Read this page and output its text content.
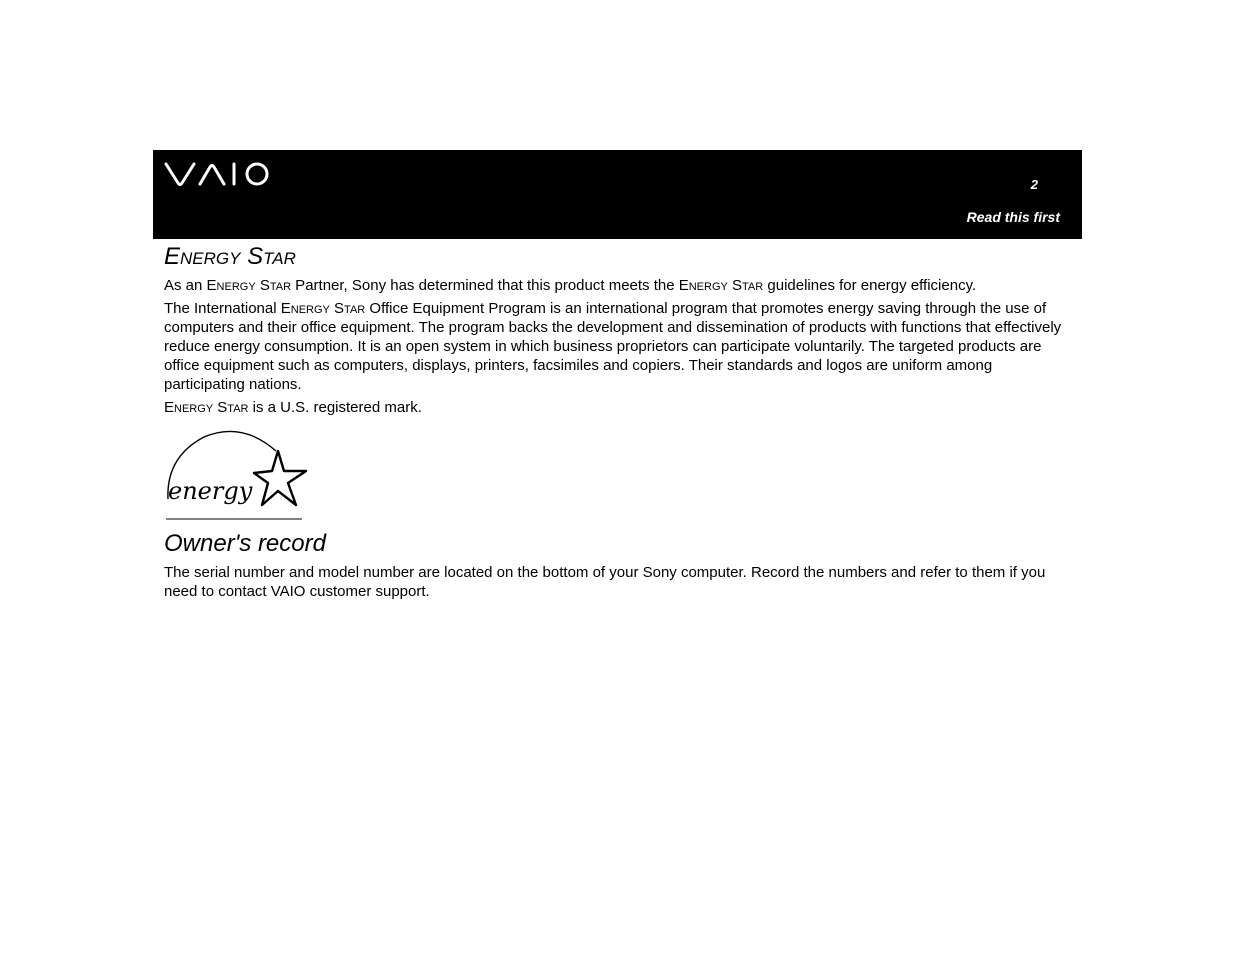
2
Read this first
Energy Star

As an Energy Star Partner, Sony has determined that this product meets the Energy Star guidelines for energy efficiency.

The International Energy Star Office Equipment Program is an international program that promotes energy saving through the use of computers and their office equipment. The program backs the development and dissemination of products with functions that effectively reduce energy consumption. It is an open system in which business proprietors can participate voluntarily. The targeted products are office equipment such as computers, displays, printers, facsimiles and copiers. Their standards and logos are uniform among participating nations.

Energy Star is a U.S. registered mark.

energy
Owner's record

The serial number and model number are located on the bottom of your Sony computer. Record the numbers and refer to them if you need to contact VAIO customer support.
